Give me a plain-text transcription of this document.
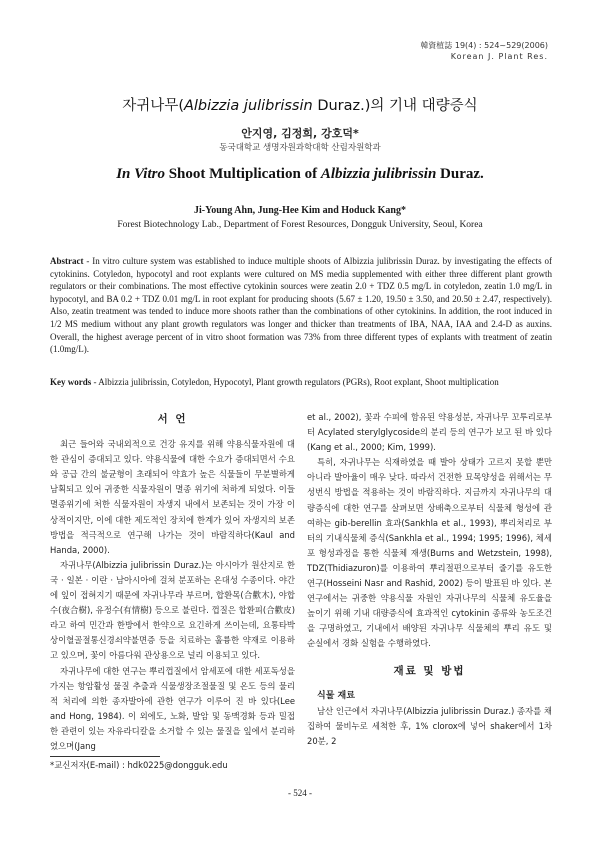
韓資植誌 19(4) : 524~529(2006)
Korean J. Plant Res.
자귀나무(Albizzia julibrissin Duraz.)의 기내 대량증식
안지영, 김정희, 강호덕*
동국대학교 생명자원과학대학 산림자원학과
In Vitro Shoot Multiplication of Albizzia julibrissin Duraz.
Ji-Young Ahn, Jung-Hee Kim and Hoduck Kang*
Forest Biotechnology Lab., Department of Forest Resources, Dongguk University, Seoul, Korea
Abstract - In vitro culture system was established to induce multiple shoots of Albizzia julibrissin Duraz. by investigating the effects of cytokinins. Cotyledon, hypocotyl and root explants were cultured on MS media supplemented with either three different plant growth regulators or their combinations. The most effective cytokinin sources were zeatin 2.0 + TDZ 0.5 mg/L in cotyledon, zeatin 1.0 mg/L in hypocotyl, and BA 0.2 + TDZ 0.01 mg/L in root explant for producing shoots (5.67 ± 1.20, 19.50 ± 3.50, and 20.50 ± 2.47, respectively). Also, zeatin treatment was tended to induce more shoots rather than the combinations of other cytokinins. In addition, the root induced in 1/2 MS medium without any plant growth regulators was longer and thicker than treatments of IBA, NAA, IAA and 2.4-D as auxins. Overall, the highest average percent of in vitro shoot formation was 73% from three different types of explants with treatment of zeatin (1.0mg/L).
Key words - Albizzia julibrissin, Cotyledon, Hypocotyl, Plant growth regulators (PGRs), Root explant, Shoot multiplication
서 언

최근 들어와 국내외적으로 건강 유지를 위해 약용식물자원에 대한 관심이 증대되고 있다. 약용식물에 대한 수요가 증대되면서 수요와 공급 간의 불균형이 초래되어 약효가 높은 식물들이 무분별하게 남획되고 있어 귀중한 식물자원이 멸종 위기에 처하게 되었다. 이들 멸종위기에 처한 식물자원이 자생지 내에서 보존되는 것이 가장 이상적이지만, 이에 대한 제도적인 장치에 한계가 있어 자생지의 보존 방법을 적극적으로 연구해 나가는 것이 바람직하다(Kaul and Handa, 2000).

자귀나무(Albizzia julibrissin Duraz.)는 아시아가 원산지로 한국 · 일본 · 이란 · 남아시아에 걸쳐 분포하는 온대성 수종이다. 야간에 잎이 접혀지기 때문에 자귀나무라 부르며, 합환목(合歡木), 야합수(夜合樹), 유정수(有情樹) 등으로 불린다. 껍질은 합환피(合歡皮)라고 하여 민간과 한방에서 한약으로 요긴하게 쓰이는데, 요통타박상이혈골절통신경쇠약불면증 등을 치료하는 훌륭한 약재로 이용하고 있으며, 꽃이 아름다워 관상용으로 널리 이용되고 있다.

자귀나무에 대한 연구는 뿌리껍질에서 암세포에 대한 세포독성을 가지는 항암활성 물질 추출과 식물생장조절물질 및 온도 등의 물리적 처리에 의한 종자발아에 관한 연구가 이루어 진 바 있다(Lee and Hong, 1984). 이 외에도, 노화, 발암 및 동맥경화 등과 밀접한 관련이 있는 자유라디칼을 소거할 수 있는 물질을 잎에서 분리하였으며(Jang

et al., 2002), 꽃과 수피에 함유된 약용성분, 자귀나무 꼬투리로부터 Acylated sterylglycoside의 분리 등의 연구가 보고 된 바 있다(Kang et al., 2000; Kim, 1999).

특히, 자귀나무는 식재하였을 때 발아 상태가 고르지 못할 뿐만 아니라 발아율이 매우 낮다. 따라서 건전한 묘목양성을 위해서는 무성번식 방법을 적용하는 것이 바람직하다. 지금까지 자귀나무의 대량증식에 대한 연구를 살펴보면 상배축으로부터 식물체 형성에 관여하는 gib-berellin 효과(Sankhla et al., 1993), 뿌리처리로 부터의 기내식물체 증식(Sankhla et al., 1994; 1995; 1996), 체세포 형성과정을 통한 식물체 재생(Burns and Wetzstein, 1998), TDZ(Thidiazuron)를 이용하여 뿌리절편으로부터 줄기를 유도한 연구(Hosseini Nasr and Rashid, 2002) 등이 발표된 바 있다. 본 연구에서는 귀중한 약용식물 자원인 자귀나무의 식물체 유도율을 높이기 위해 기내 대량증식에 효과적인 cytokinin 종류와 농도조건을 구명하였고, 기내에서 배양된 자귀나무 식물체의 뿌리 유도 및 순실에서 경화 실험을 수행하였다.

재료 및 방법

식물 재료

남산 인근에서 자귀나무(Albizzia julibrissin Duraz.) 종자를 채집하여 물비누로 세척한 후, 1% clorox에 넣어 shaker에서 1차 20분, 2

*교신저자(E-mail) : hdk0225@dongguk.edu
- 524 -
